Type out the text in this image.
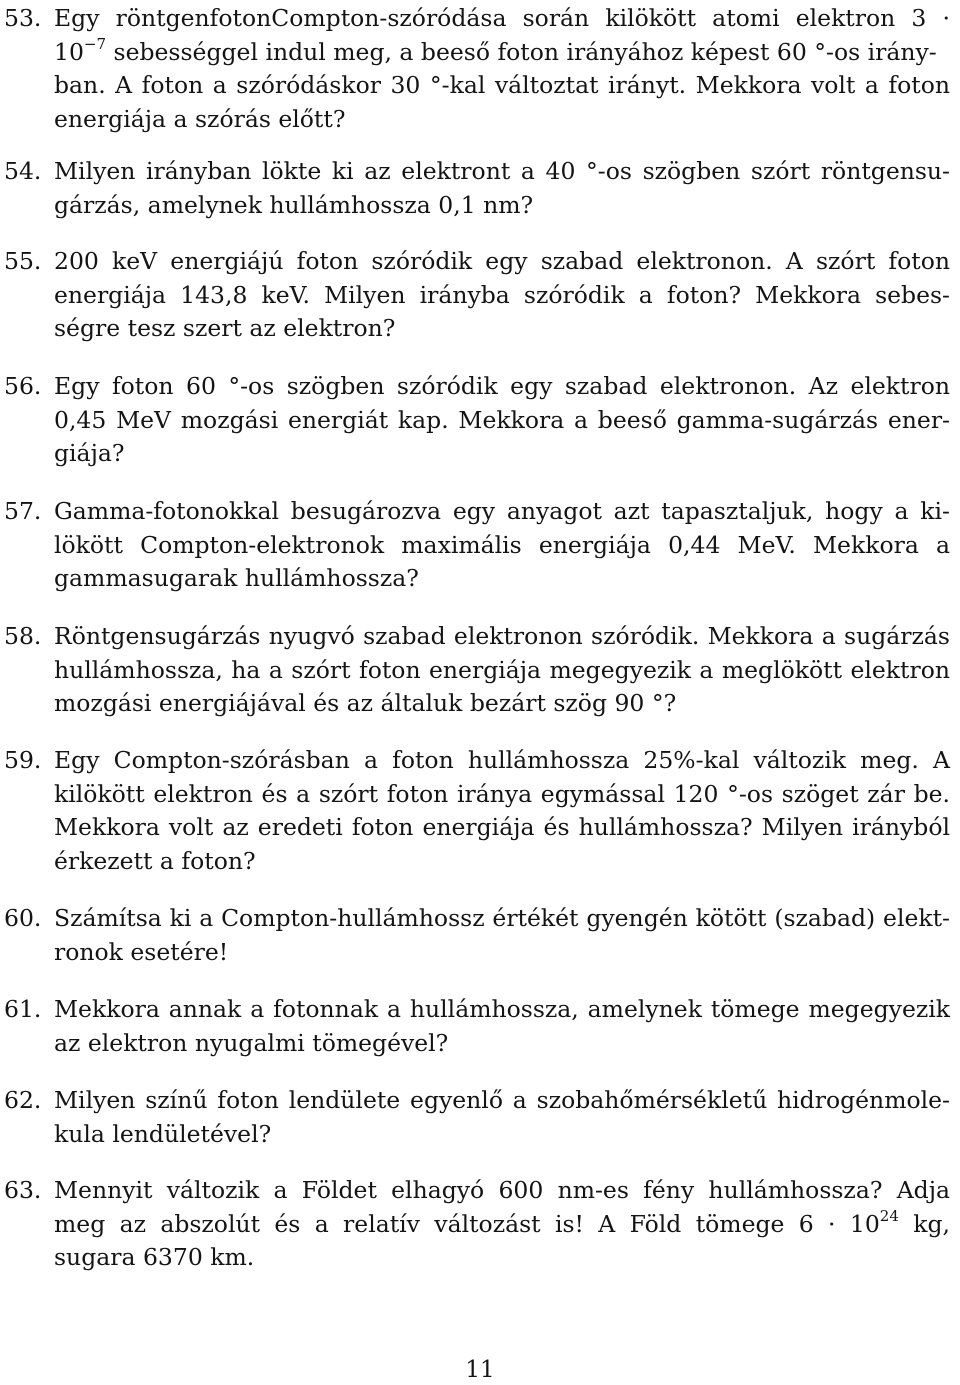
53. Egy röntgenfotonCompton-szóródása során kilökött atomi elektron 3 ·
$10^{-7}$ sebességgel indul meg, a beeső foton irányához képest 60 °-os irány-
ban. A foton a szóródáskor 30 °-kal változtat irányt. Mekkora volt a foton
energiája a szórás előtt?
54. Milyen irányban lökte ki az elektront a 40 °-os szögben szórt röntgensu-
gárzás, amelynek hullámhossza 0,1 nm?
55. 200 keV energiájú foton szóródik egy szabad elektronon. A szórt foton
energiája 143,8 keV. Milyen irányba szóródik a foton? Mekkora sebes-
ségre tesz szert az elektron?
56. Egy foton 60 °-os szögben szóródik egy szabad elektronon. Az elektron
0,45 MeV mozgási energiát kap. Mekkora a beeső gamma-sugárzás ener-
giája?
57. Gamma-fotonokkal besugározva egy anyagot azt tapasztaljuk, hogy a ki-
lökött Compton-elektronok maximális energiája 0,44 MeV. Mekkora a
gammasugarak hullámhossza?
58. Röntgensugárzás nyugvó szabad elektronon szóródik. Mekkora a sugárzás
hullámhossza, ha a szórt foton energiája megegyezik a meglökött elektron
mozgási energiájával és az általuk bezárt szög 90 °?
59. Egy Compton-szórásban a foton hullámhossza 25%-kal változik meg. A
kilökött elektron és a szórt foton iránya egymással 120 °-os szöget zár be.
Mekkora volt az eredeti foton energiája és hullámhossza? Milyen irányból
érkezett a foton?
60. Számítsa ki a Compton-hullámhossz értékét gyengén kötött (szabad) elekt-
ronok esetére!
61. Mekkora annak a fotonnak a hullámhossza, amelynek tömege megegyezik
az elektron nyugalmi tömegével?
62. Milyen színű foton lendülete egyenlő a szobahőmérsékletű hidrogénmole-
kula lendületével?
63. Mennyit változik a Földet elhagyó 600 nm-es fény hullámhossza? Adja
meg az abszolút és a relatív változást is! A Föld tömege $6 \cdot 10^{24}$ kg,
sugara 6370 km.
11
